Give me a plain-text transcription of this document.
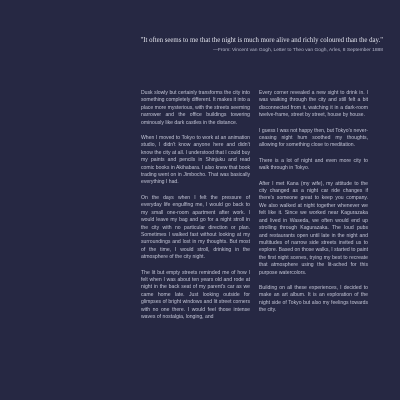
"It often seems to me that the night is much more alive and richly coloured than the day."

—From: Vincent van Gogh, Letter to Theo van Gogh, Arles, 8 September 1888

Dusk slowly but certainly transforms the city into something completely different. It makes it into a place more mysterious, with the streets seeming narrower and the office buildings towering ominously like dark castles in the distance.

When I moved to Tokyo to work at an animation studio, I didn't know anyone here and didn't know the city at all. I understood that I could buy my paints and pencils in Shinjuku and read comic books in Akihabara. I also knew that book trading went on in Jimbocho. That was basically everything I had.

On the days when I felt the pressure of everyday life engulfing me, I would go back to my small one-room apartment after work. I would leave my bag and go for a night stroll in the city with no particular direction or plan. Sometimes I walked fast without looking at my surroundings and lost in my thoughts. But most of the time, I would stroll, drinking in the atmosphere of the city night.

The lit but empty streets reminded me of how I felt when I was about ten years old and rode at night in the back seat of my parent's car as we came home late. Just looking outside for glimpses of bright windows and lit street corners with no one there. I would feel those intense waves of nostalgia, longing, and

Every corner revealed a new sight to drink in. I was walking through the city and still felt a bit disconnected from it, watching it in a dark-room twelve-frame, street by street, house by house.

I guess I was not happy then, but Tokyo's never-ceasing night hum soothed my thoughts, allowing for something close to meditation.

There is a lot of night and even more city to walk through in Tokyo.

After I met Kana (my wife), my attitude to the city changed as a night car ride changes if there's someone great to keep you company. We also walked at night together whenever we felt like it. Since we worked near Kagurazaka and lived in Waseda, we often would end up strolling through Kagurazaka. The loud pubs and restaurants open until late in the night and multitudes of narrow side streets invited us to explore. Based on those walks, I started to paint the first night scenes, trying my best to recreate that atmosphere using the lit-ached for this purpose watercolors.

Building on all these experiences, I decided to make an art album. It is an exploration of the night side of Tokyo but also my feelings towards the city.
